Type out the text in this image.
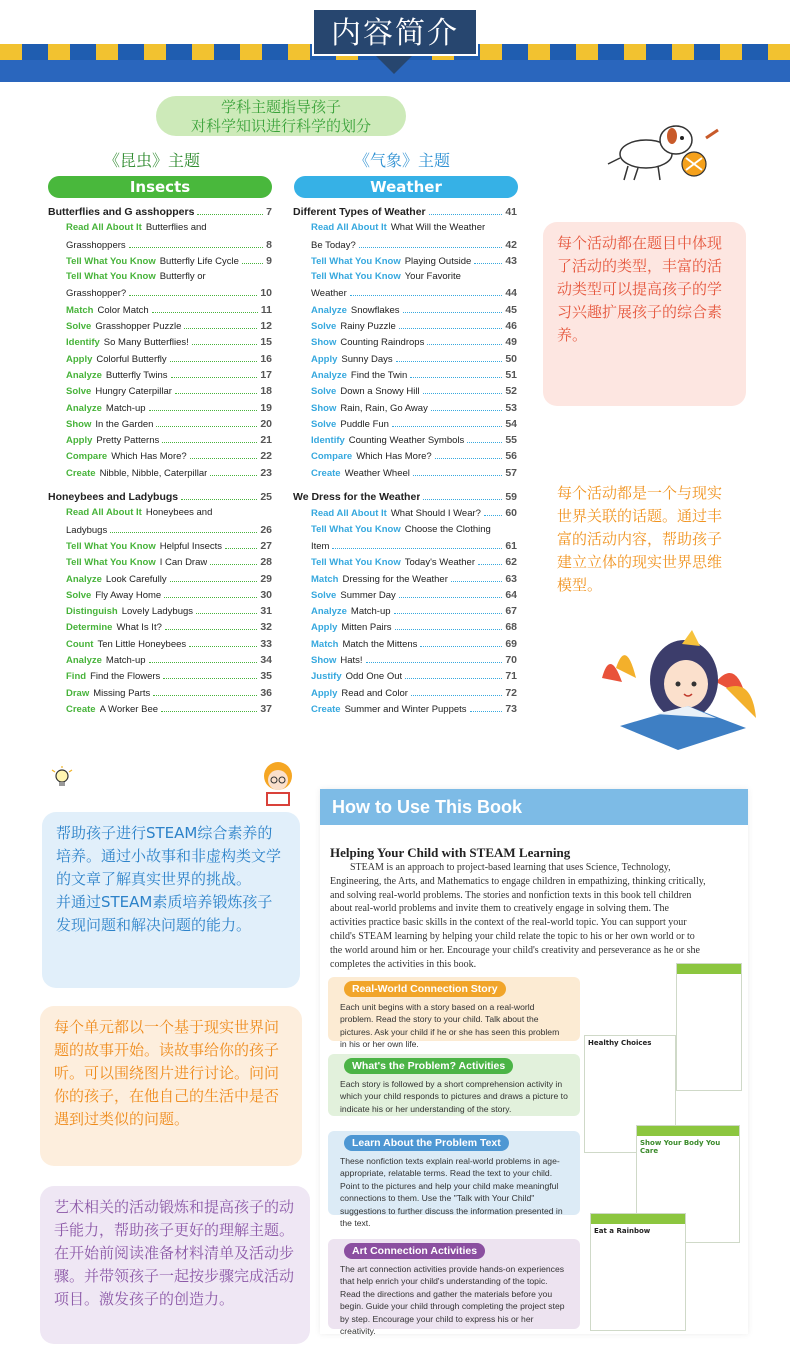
内容简介
学科主题指导孩子
对科学知识进行科学的划分
《昆虫》主题	《气象》主题
Insects	Weather
Butterflies and G asshoppers	7
Read All About It Butterflies and
Grasshoppers	8
Tell What You Know Butterfly Life Cycle	9
Tell What You Know Butterfly or
Grasshopper?	10
Match Color Match	11
Solve Grasshopper Puzzle	12
Identify So Many Butterflies!	15
Apply Colorful Butterfly	16
Analyze Butterfly Twins	17
Solve Hungry Caterpillar	18
Analyze Match-up	19
Show In the Garden	20
Apply Pretty Patterns	21
Compare Which Has More?	22
Create Nibble, Nibble, Caterpillar	23
Honeybees and Ladybugs	25
Read All About It Honeybees and
Ladybugs	26
Tell What You Know Helpful Insects	27
Tell What You Know I Can Draw	28
Analyze Look Carefully	29
Solve Fly Away Home	30
Distinguish Lovely Ladybugs	31
Determine What Is It?	32
Count Ten Little Honeybees	33
Analyze Match-up	34
Find Find the Flowers	35
Draw Missing Parts	36
Create A Worker Bee	37
Different Types of Weather	41
Read All About It What Will the Weather
Be Today?	42
Tell What You Know Playing Outside	43
Tell What You Know Your Favorite
Weather	44
Analyze Snowflakes	45
Solve Rainy Puzzle	46
Show Counting Raindrops	49
Apply Sunny Days	50
Analyze Find the Twin	51
Solve Down a Snowy Hill	52
Show Rain, Rain, Go Away	53
Solve Puddle Fun	54
Identify Counting Weather Symbols	55
Compare Which Has More?	56
Create Weather Wheel	57
We Dress for the Weather	59
Read All About It What Should I Wear? 60
Tell What You Know Choose the Clothing
Item	61
Tell What You Know Today's Weather	62
Match Dressing for the Weather	63
Solve Summer Day	64
Analyze Match-up	67
Apply Mitten Pairs	68
Match Match the Mittens	69
Show Hats!	70
Justify Odd One Out	71
Apply Read and Color	72
Create Summer and Winter Puppets	73
每个活动都在题目中体现了活动的类型，丰富的活动类型可以提高孩子的学习兴趣扩展孩子的综合素养。
每个活动都是一个与现实世界关联的话题。通过丰富的活动内容，帮助孩子建立立体的现实世界思维模型。
帮助孩子进行STEAM综合素养的培养。通过小故事和非虚构类文学的文章了解真实世界的挑战。
并通过STEAM素质培养锻炼孩子发现问题和解决问题的能力。
每个单元都以一个基于现实世界问题的故事开始。读故事给你的孩子听。可以围绕图片进行讨论。问问你的孩子，在他自己的生活中是否遇到过类似的问题。
艺术相关的活动锻炼和提高孩子的动手能力，帮助孩子更好的理解主题。在开始前阅读准备材料清单及活动步骤。并带领孩子一起按步骤完成活动项目。激发孩子的创造力。
How to Use This Book
Helping Your Child with STEAM Learning
STEAM is an approach to project-based learning that uses Science, Technology, Engineering, the Arts, and Mathematics to engage children in empathizing, thinking critically, and solving real-world problems. The stories and nonfiction texts in this book tell children about real-world problems and invite them to creatively engage in solving them. The activities practice basic skills in the context of the real-world topic. You can support your child's STEAM learning by helping your child relate the topic to his or her own world or to the world around him or her. Encourage your child's creativity and perseverance as he or she completes the activities in this book.
Real-World Connection Story
Each unit begins with a story based on a real-world problem. Read the story to your child. Talk about the pictures. Ask your child if he or she has seen this problem in his or her own life.
What's the Problem? Activities
Each story is followed by a short comprehension activity in which your child responds to pictures and draws a picture to indicate his or her understanding of the story.
Learn About the Problem Text
These nonfiction texts explain real-world problems in age-appropriate, relatable terms. Read the text to your child. Point to the pictures and help your child make meaningful connections to them. Use the "Talk with Your Child" suggestions to further discuss the information presented in the text.
Art Connection Activities
The art connection activities provide hands-on experiences that help enrich your child's understanding of the topic. Read the directions and gather the materials before you begin. Guide your child through completing the project step by step. Encourage your child to express his or her creativity.
Healthy Choices
Show Your Body You Care
Eat a Rainbow
